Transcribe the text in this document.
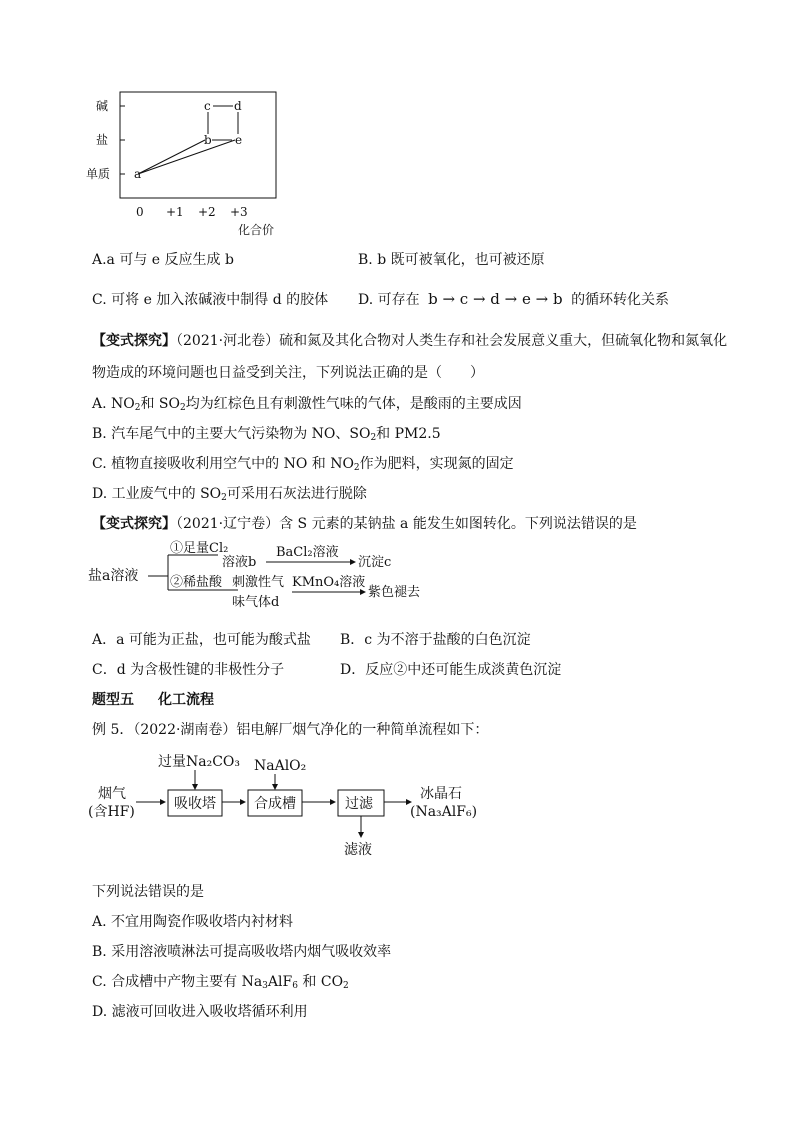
碱
盐
单质 a
b
c d
e
0 +1 +2 +3
化合价
A.a 可与 e 反应生成 b	B. b 既可被氧化，也可被还原
C. 可将 e 加入浓碱液中制得 d 的胶体 D. 可存在 b → c → d → e → b 的循环转化关系
【变式探究】（2021·河北卷）硫和氮及其化合物对人类生存和社会发展意义重大，但硫氧化物和氮氧化
物造成的环境问题也日益受到关注，下列说法正确的是（　　）
A. $NO_2$和 $SO_2$均为红棕色且有刺激性气味的气体，是酸雨的主要成因
B. 汽车尾气中的主要大气污染物为 NO、$SO_2$和 PM2.5
C. 植物直接吸收利用空气中的 NO 和 $NO_2$作为肥料，实现氮的固定
D. 工业废气中的 $SO_2$可采用石灰法进行脱除
【变式探究】（2021·辽宁卷）含 S 元素的某钠盐 a 能发生如图转化。下列说法错误的是
盐a溶液
①足量Cl₂
溶液b
BaCl₂溶液
沉淀c
②稀盐酸 刺激性气
味气体d
KMnO₄溶液
紫色褪去
A．a 可能为正盐，也可能为酸式盐 B．c 为不溶于盐酸的白色沉淀
C．d 为含极性键的非极性分子	D．反应②中还可能生成淡黄色沉淀
题型五 化工流程
例 5．（2022·湖南卷）铝电解厂烟气净化的一种简单流程如下：
烟气
(含HF)	吸收塔
过量Na₂CO₃
合成槽
NaAlO₂
过滤
冰晶石
(Na₃AlF₆)
滤液
下列说法错误的是
A. 不宜用陶瓷作吸收塔内衬材料
B. 采用溶液喷淋法可提高吸收塔内烟气吸收效率
C. 合成槽中产物主要有 $Na_3AlF_6$ 和 $CO_2$
D. 滤液可回收进入吸收塔循环利用
